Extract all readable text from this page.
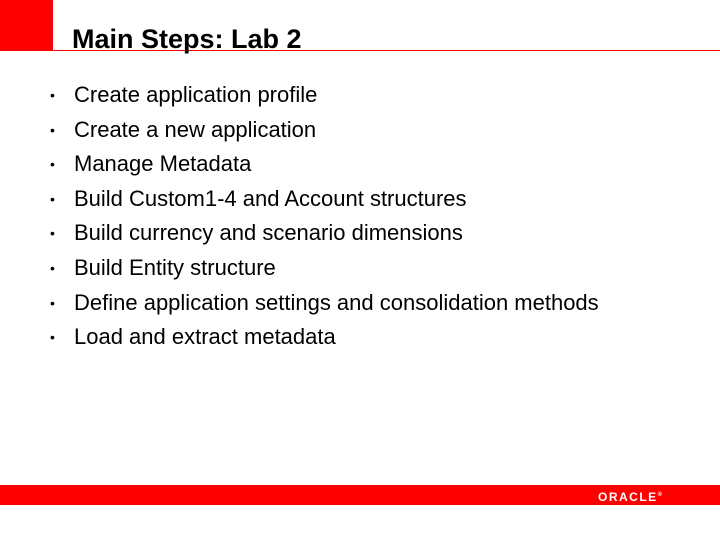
Main Steps: Lab 2
• Create application profile
• Create a new application
• Manage Metadata
• Build Custom1-4 and Account structures
• Build currency and scenario dimensions
• Build Entity structure
• Define application settings and consolidation methods
• Load and extract metadata
ORACLE®
